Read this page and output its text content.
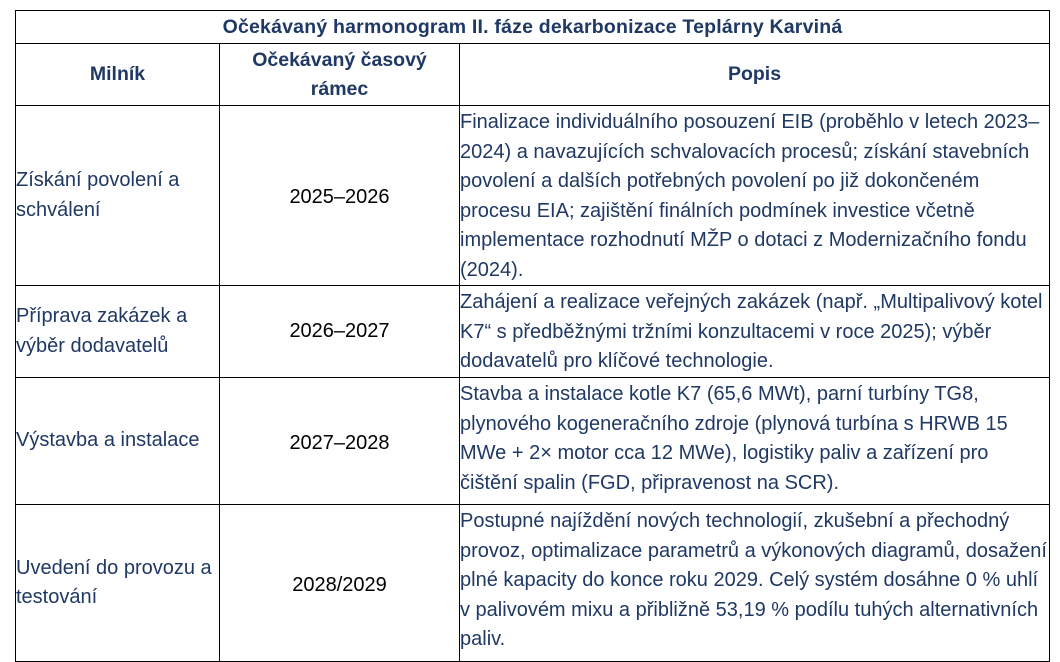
Očekávaný harmonogram II. fáze dekarbonizace Teplárny Karviná		
Milník	Očekávaný časový rámec	Popis
Získání povolení a schválení	2025–2026	Finalizace individuálního posouzení EIB (proběhlo v letech 2023–2024) a navazujících schvalovacích procesů; získání stavebních povolení a dalších potřebných povolení po již dokončeném procesu EIA; zajištění finálních podmínek investice včetně implementace rozhodnutí MŽP o dotaci z Modernizačního fondu (2024).

Příprava zakázek a výběr dodavatelů	2026–2027	Zahájení a realizace veřejných zakázek (např. „Multipalivový kotel K7“ s předběžnými tržními konzultacemi v roce 2025); výběr dodavatelů pro klíčové technologie.

Výstavba a instalace	2027–2028	Stavba a instalace kotle K7 (65,6 MWt), parní turbíny TG8, plynového kogeneračního zdroje (plynová turbína s HRWB 15 MWe + 2× motor cca 12 MWe), logistiky paliv a zařízení pro čištění spalin (FGD, připravenost na SCR).

Uvedení do provozu a testování	2028/2029	Postupné najíždění nových technologií, zkušební a přechodný provoz, optimalizace parametrů a výkonových diagramů, dosažení plné kapacity do konce roku 2029. Celý systém dosáhne 0 % uhlí v palivovém mixu a přibližně 53,19 % podílu tuhých alternativních paliv.
